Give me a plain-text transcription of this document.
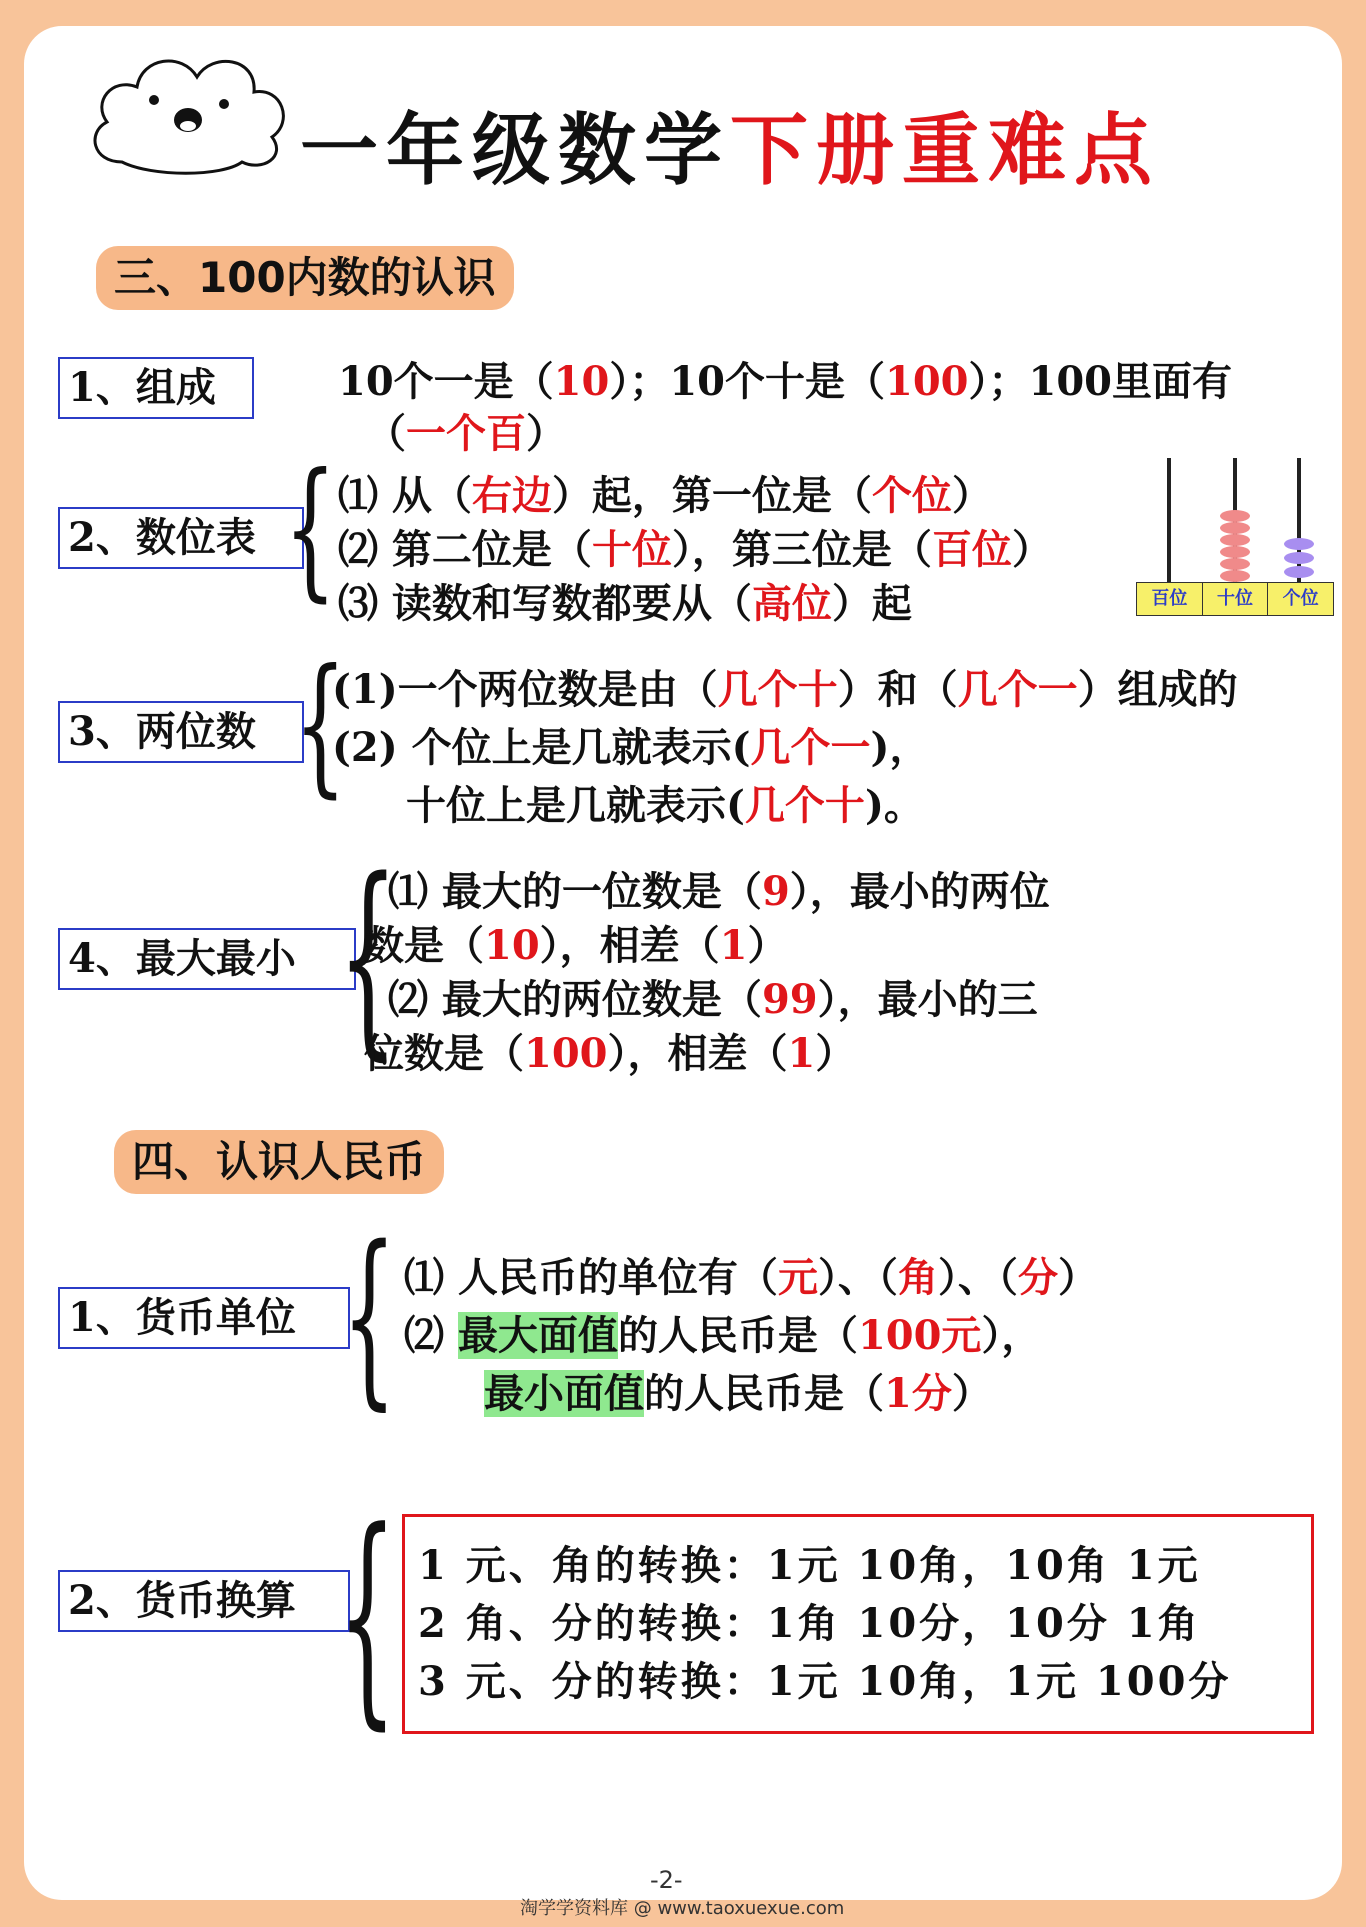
一年级数学下册重难点
三、100内数的认识
1、组成	10个一是（10）；10个十是（100）；100里面有
（一个百）
2、数位表 { ⑴ 从（右边）起，第一位是（个位）
⑵ 第二位是（十位），第三位是（百位）
⑶ 读数和写数都要从（高位）起	百位	十位	个位
3、两位数 {
(1)一个两位数是由（几个十）和（几个一）组成的
(2) 个位上是几就表示(几个一)，
十位上是几就表示(几个十)。
4、最大最小 {
⑴ 最大的一位数是（9），最小的两位
数是（10），相差（1）
⑵ 最大的两位数是（99），最小的三
位数是（100），相差（1）
四、认识人民币
1、货币单位 { ⑴ 人民币的单位有（元）、（角）、（分）
⑵ 最大面值的人民币是（100元），
最小面值的人民币是（1分）
2、货币换算 { 1 元、角的转换：1元 10角，10角 1元
2 角、分的转换：1角 10分，10分 1角
3 元、分的转换：1元 10角，1元 100分
-2-
淘学学资料库 @ www.taoxuexue.com
